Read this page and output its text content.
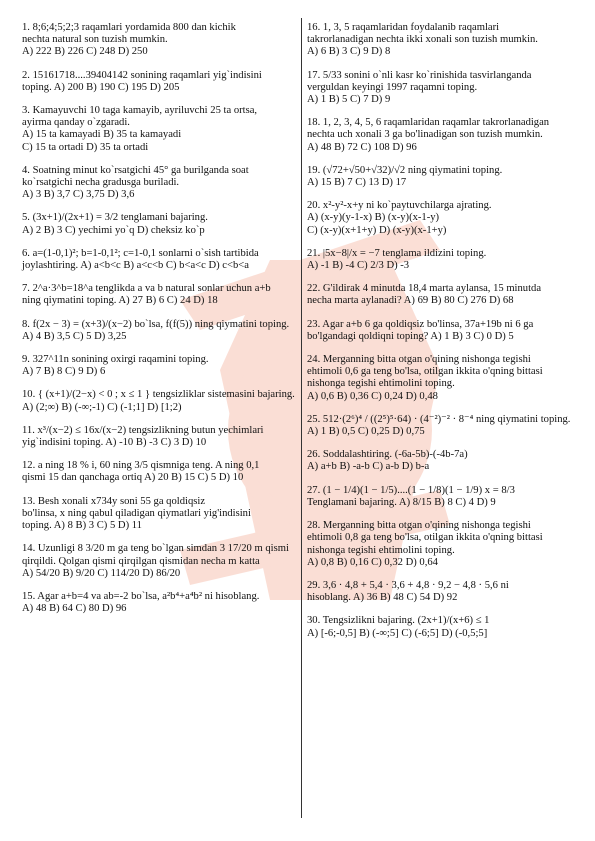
1. 8;6;4;5;2;3 raqamlari yordamida 800 dan kichik
nechta natural son tuzish mumkin.
A) 222 B) 226 C) 248 D) 250
2. 15161718....39404142 sonining raqamlari yig`indisini
toping. A) 200 B) 190 C) 195 D) 205
3. Kamayuvchi 10 taga kamayib, ayriluvchi 25 ta ortsa,
ayirma qanday o`zgaradi.
A) 15 ta kamayadi B) 35 ta kamayadi
C) 15 ta ortadi D) 35 ta ortadi
4. Soatning minut ko`rsatgichi 45° ga burilganda soat
ko`rsatgichi necha gradusga buriladi.
A) 3 B) 3,7 C) 3,75 D) 3,6
5. (3x+1)/(2x+1) = 3/2 tenglamani bajaring.
A) 2 B) 3 C) yechimi yo`q D) cheksiz ko`p
6. a=(1-0,1)²; b=1-0,1²; c=1-0,1 sonlarni o`sish tartibida
joylashtiring. A) a<b<c B) a<c<b C) b<a<c D) c<b<a
7. 2^a·3^b=18^a tenglikda a va b natural sonlar uchun a+b
ning qiymatini toping. A) 27 B) 6 C) 24 D) 18
8. f(2x − 3) = (x+3)/(x−2) bo`lsa, f(f(5)) ning qiymatini toping.
A) 4 B) 3,5 C) 5 D) 3,25
9. 327^11n sonining oxirgi raqamini toping.
A) 7 B) 8 C) 9 D) 6
10. { (x+1)/(2−x) < 0 ; x ≤ 1 } tengsizliklar sistemasini bajaring.
A) (2;∞) B) (-∞;-1) C) (-1;1] D) [1;2)
11. x³/(x−2) ≤ 16x/(x−2) tengsizlikning butun yechimlari
yig`indisini toping. A) -10 B) -3 C) 3 D) 10
12. a ning 18 % i, 60 ning 3/5 qismniga teng. A ning 0,1
qismi 15 dan qanchaga ortiq A) 20 B) 15 C) 5 D) 10
13. Besh xonali x734y soni 55 ga qoldiqsiz
bo'linsa, x ning qabul qiladigan qiymatlari yig'indisini
toping. A) 8 B) 3 C) 5 D) 11
14. Uzunligi 8 3/20 m ga teng bo`lgan simdan 3 17/20 m qismi
qirqildi. Qolgan qismi qirqilgan qismidan necha m katta
A) 54/20 B) 9/20 C) 114/20 D) 86/20
15. Agar a+b=4 va ab=-2 bo`lsa, a²b⁴+a⁴b² ni hisoblang.
A) 48 B) 64 C) 80 D) 96
16. 1, 3, 5 raqamlaridan foydalanib raqamlari
takrorlanadigan nechta ikki xonali son tuzish mumkin.
A) 6 B) 3 C) 9 D) 8
17. 5/33 sonini o`nli kasr ko`rinishida tasvirlanganda
verguldan keyingi 1997 raqamni toping.
A) 1 B) 5 C) 7 D) 9
18. 1, 2, 3, 4, 5, 6 raqamlaridan raqamlar takrorlanadigan
nechta uch xonali 3 ga bo'linadigan son tuzish mumkin.
A) 48 B) 72 C) 108 D) 96
19. (√72+√50+√32)/√2 ning qiymatini toping.
A) 15 B) 7 C) 13 D) 17
20. x²-y²-x+y ni ko`paytuvchilarga ajrating.
A) (x-y)(y-1-x) B) (x-y)(x-1-y)
C) (x-y)(x+1+y) D) (x-y)(x-1+y)
21. |5x−8|/x = −7 tenglama ildizini toping.
A) -1 B) -4 C) 2/3 D) -3
22. G'ildirak 4 minutda 18,4 marta aylansa, 15 minutda
necha marta aylanadi? A) 69 B) 80 C) 276 D) 68
23. Agar a+b 6 ga qoldiqsiz bo'linsa, 37a+19b ni 6 ga
bo'lgandagi qoldiqni toping? A) 1 B) 3 C) 0 D) 5
24. Merganning bitta otgan o'qining nishonga tegishi
ehtimoli 0,6 ga teng bo'lsa, otilgan ikkita o'qning bittasi
nishonga tegishi ehtimolini toping.
A) 0,6 B) 0,36 C) 0,24 D) 0,48
25. 512·(2⁶)⁴ / ((2⁵)⁵·64) · (4⁻²)⁻² · 8⁻⁴ ning qiymatini toping.
A) 1 B) 0,5 C) 0,25 D) 0,75
26. Soddalashtiring. (-6a-5b)-(-4b-7a)
A) a+b B) -a-b C) a-b D) b-a
27. (1 − 1/4)(1 − 1/5)....(1 − 1/8)(1 − 1/9) x = 8/3
Tenglamani bajaring. A) 8/15 B) 8 C) 4 D) 9
28. Merganning bitta otgan o'qining nishonga tegishi
ehtimoli 0,8 ga teng bo'lsa, otilgan ikkita o'qning bittasi
nishonga tegishi ehtimolini toping.
A) 0,8 B) 0,16 C) 0,32 D) 0,64
29. 3,6 · 4,8 + 5,4 · 3,6 + 4,8 · 9,2 − 4,8 · 5,6 ni
hisoblang. A) 36 B) 48 C) 54 D) 92
30. Tengsizlikni bajaring. (2x+1)/(x+6) ≤ 1
A) [-6;-0,5] B) (-∞;5] C) (-6;5] D) (-0,5;5]
